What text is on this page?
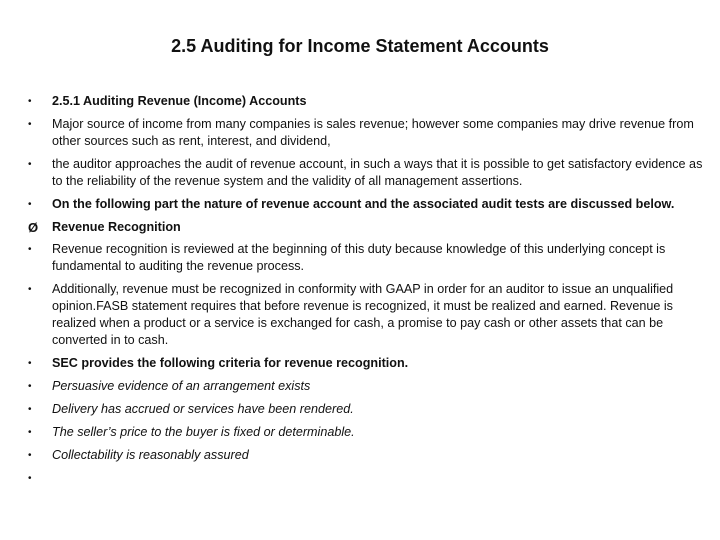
2.5 Auditing for Income Statement Accounts
•	2.5.1 Auditing Revenue (Income) Accounts
•	Major source of income from many companies is sales revenue; however some companies may drive revenue from other sources such as rent, interest, and dividend,
•	the auditor approaches the audit of revenue account, in such a ways that it is possible to get satisfactory evidence as to the reliability of the revenue system and the validity of all management assertions.
•	On the following part the nature of revenue account and the associated audit tests are discussed below.
Ø	Revenue Recognition
•	Revenue recognition is reviewed at the beginning of this duty because knowledge of this underlying concept is fundamental to auditing the revenue process.
•	Additionally, revenue must be recognized in conformity with GAAP in order for an auditor to issue an unqualified opinion.FASB statement requires that before revenue is recognized, it must be realized and earned. Revenue is realized when a product or a service is exchanged for cash, a promise to pay cash or other assets that can be converted in to cash.
•	SEC provides the following criteria for revenue recognition.
•	Persuasive evidence of an arrangement exists
•	Delivery has accrued or services have been rendered.
•	The seller’s price to the buyer is fixed or determinable.
•	Collectability is reasonably assured
•
